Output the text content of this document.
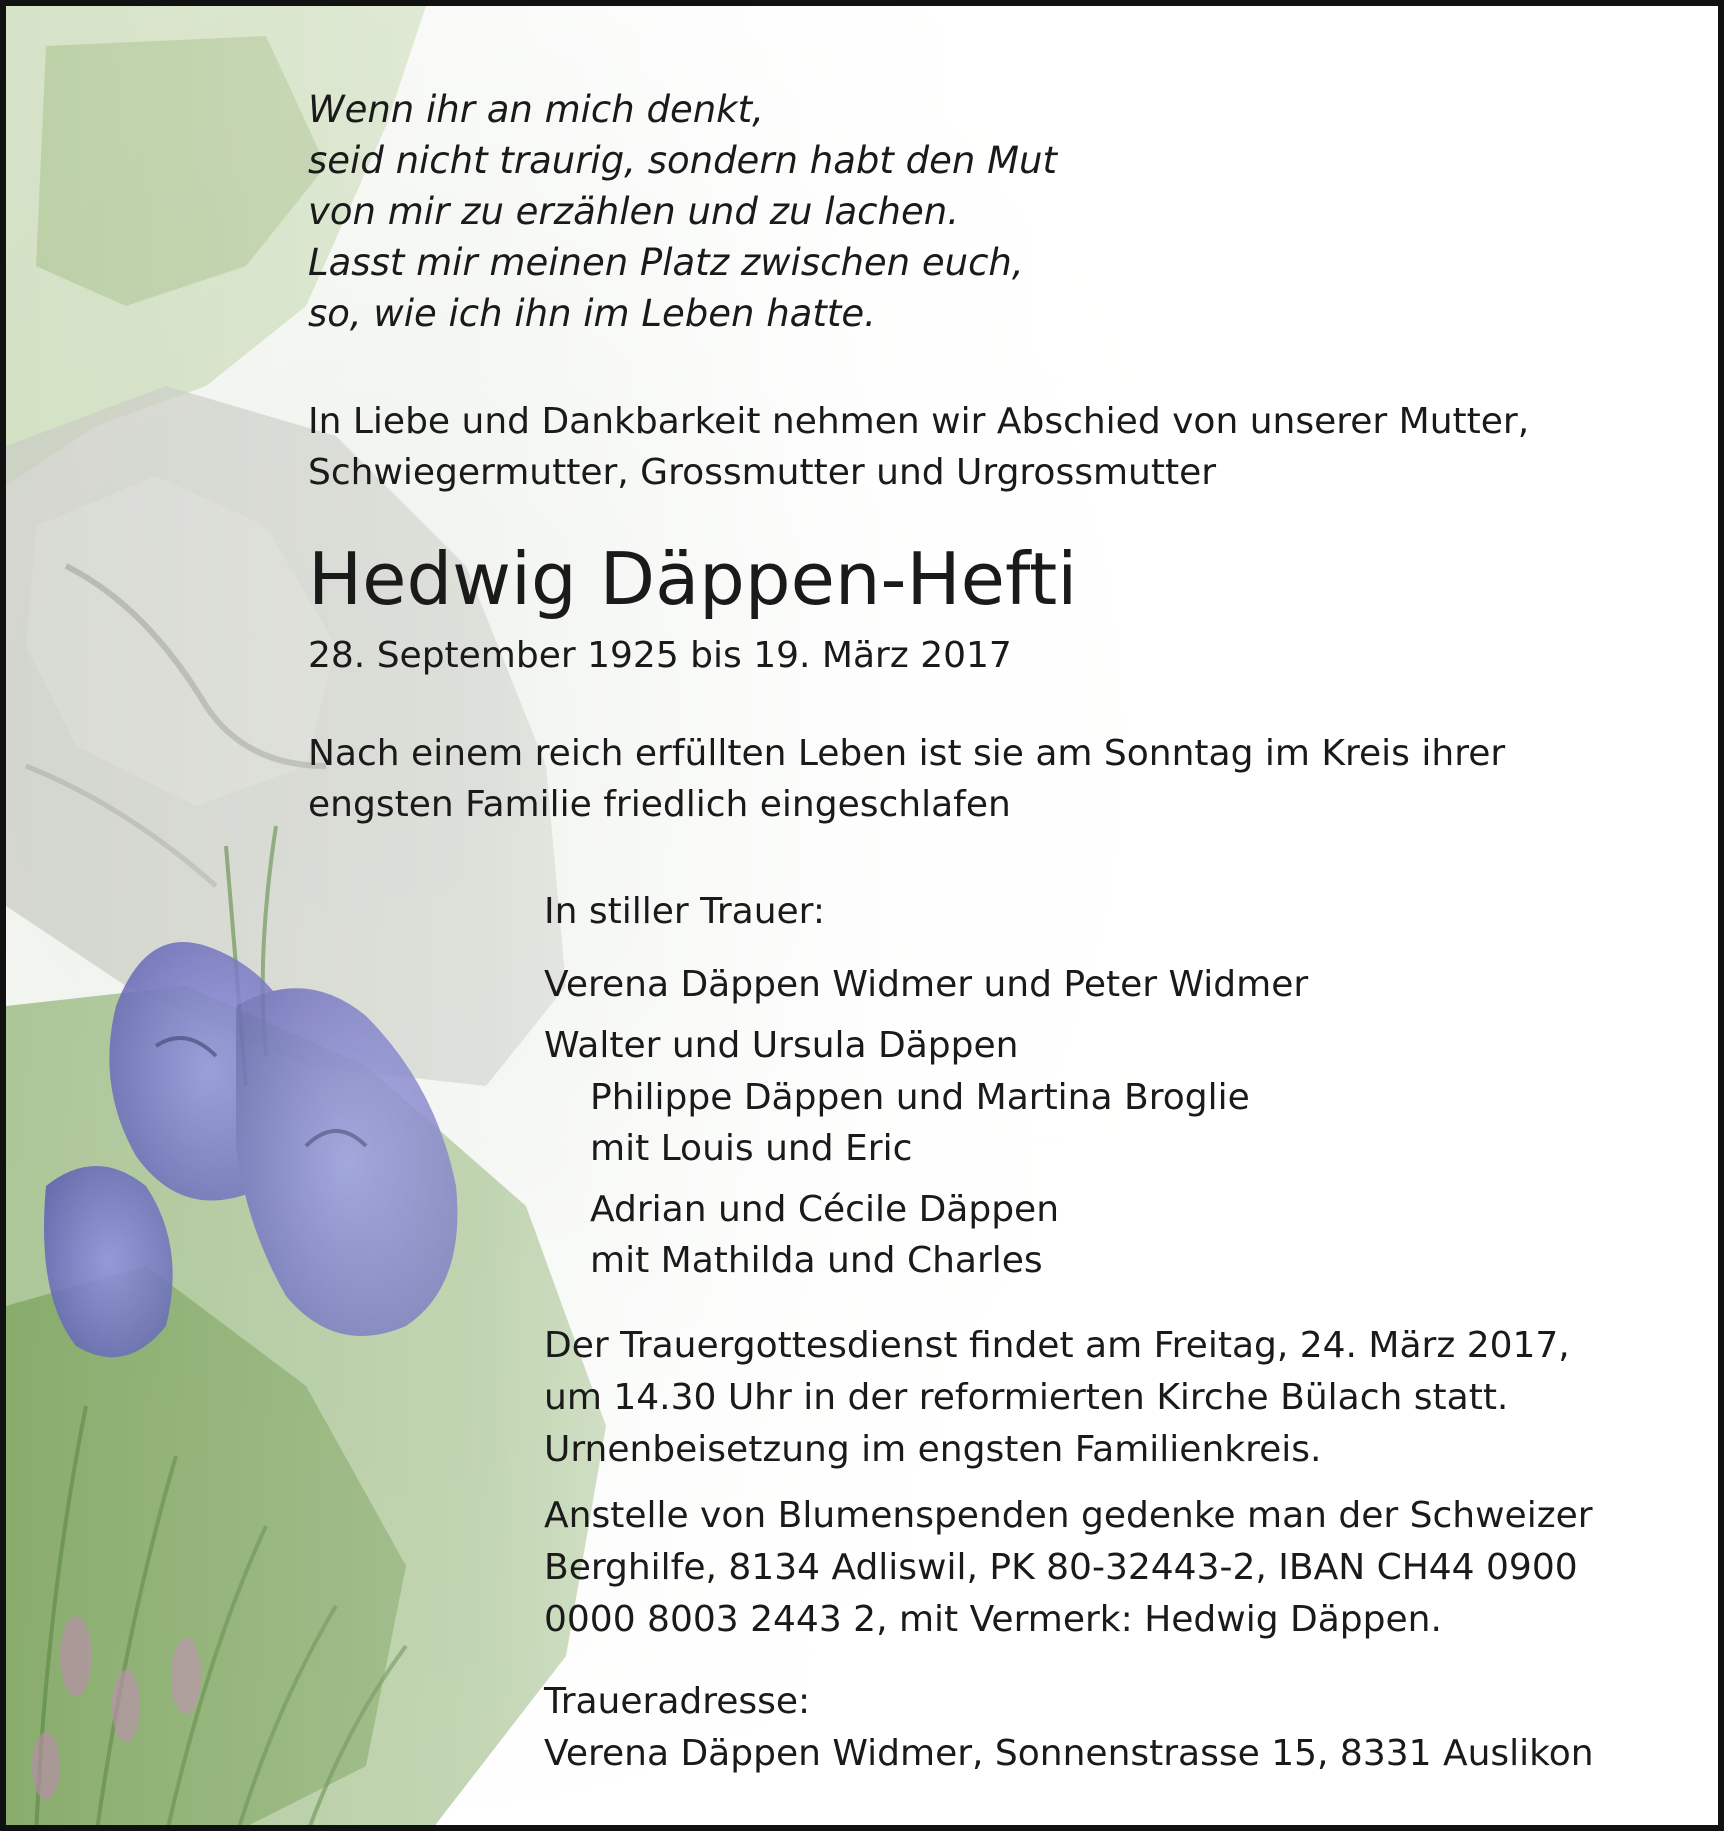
Wenn ihr an mich denkt,
seid nicht traurig, sondern habt den Mut
von mir zu erzählen und zu lachen.
Lasst mir meinen Platz zwischen euch,
so, wie ich ihn im Leben hatte.
In Liebe und Dankbarkeit nehmen wir Abschied von unserer Mutter,
Schwiegermutter, Grossmutter und Urgrossmutter
Hedwig Däppen-Hefti
28. September 1925 bis 19. März 2017
Nach einem reich erfüllten Leben ist sie am Sonntag im Kreis ihrer
engsten Familie friedlich eingeschlafen
In stiller Trauer:
Verena Däppen Widmer und Peter Widmer
Walter und Ursula Däppen
Philippe Däppen und Martina Broglie
mit Louis und Eric
Adrian und Cécile Däppen
mit Mathilda und Charles
Der Trauergottesdienst findet am Freitag, 24. März 2017,
um 14.30 Uhr in der reformierten Kirche Bülach statt.
Urnenbeisetzung im engsten Familienkreis.
Anstelle von Blumenspenden gedenke man der Schweizer
Berghilfe, 8134 Adliswil, PK 80-32443-2, IBAN CH44 0900
0000 8003 2443 2, mit Vermerk: Hedwig Däppen.
Traueradresse:
Verena Däppen Widmer, Sonnenstrasse 15, 8331 Auslikon
